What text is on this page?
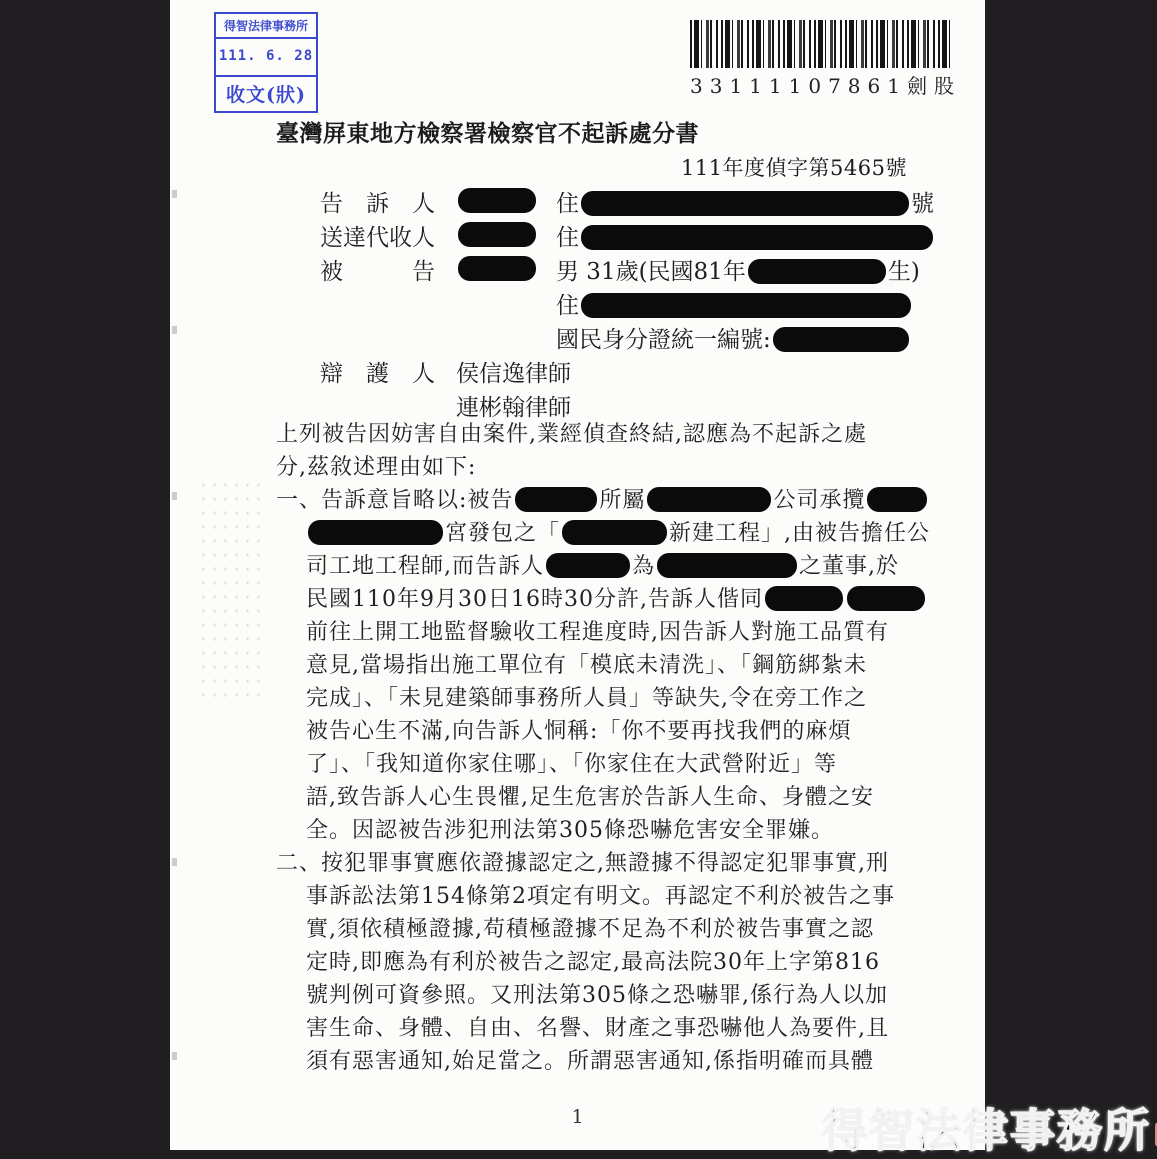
得智法律事務所
111. 6. 28
收文(狀)	33111107861劍股
臺灣屏東地方檢察署檢察官不起訴處分書
111年度偵字第5465號
告　訴　人	住	號
送達代收人	住
被　　　告	男 31歲(民國81年	生)
住
國民身分證統一編號:
辯　護　人 侯信逸律師
連彬翰律師
上列被告因妨害自由案件,業經偵查終結,認應為不起訴之處
分,茲敘述理由如下:
一、告訴意旨略以:被告	所屬	公司承攬
宮發包之「	新建工程」,由被告擔任公
司工地工程師,而告訴人	為	之董事,於
民國110年9月30日16時30分許,告訴人偕同
前往上開工地監督驗收工程進度時,因告訴人對施工品質有
意見,當場指出施工單位有「模底未清洗」、「鋼筋綁紮未
完成」、「未見建築師事務所人員」等缺失,令在旁工作之
被告心生不滿,向告訴人恫稱:「你不要再找我們的麻煩
了」、「我知道你家住哪」、「你家住在大武營附近」等
語,致告訴人心生畏懼,足生危害於告訴人生命、身體之安
全。因認被告涉犯刑法第305條恐嚇危害安全罪嫌。
二、按犯罪事實應依證據認定之,無證據不得認定犯罪事實,刑
事訴訟法第154條第2項定有明文。再認定不利於被告之事
實,須依積極證據,苟積極證據不足為不利於被告事實之認
定時,即應為有利於被告之認定,最高法院30年上字第816
號判例可資參照。又刑法第305條之恐嚇罪,係行為人以加
害生命、身體、自由、名譽、財產之事恐嚇他人為要件,且
須有惡害通知,始足當之。所謂惡害通知,係指明確而具體
1	得智法律事務所
